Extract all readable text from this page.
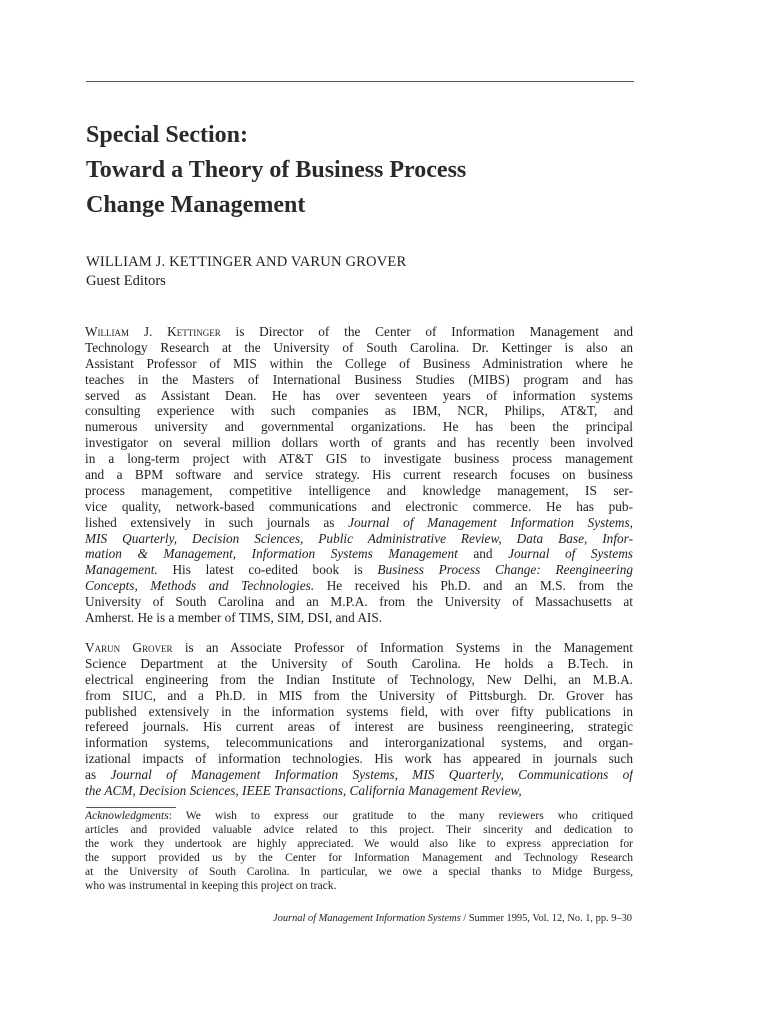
Special Section:
Toward a Theory of Business Process
Change Management
WILLIAM J. KETTINGER AND VARUN GROVER
Guest Editors
William J. Kettinger is Director of the Center of Information Management and
Technology Research at the University of South Carolina. Dr. Kettinger is also an
Assistant Professor of MIS within the College of Business Administration where he
teaches in the Masters of International Business Studies (MIBS) program and has
served as Assistant Dean. He has over seventeen years of information systems
consulting experience with such companies as IBM, NCR, Philips, AT&T, and
numerous university and governmental organizations. He has been the principal
investigator on several million dollars worth of grants and has recently been involved
in a long-term project with AT&T GIS to investigate business process management
and a BPM software and service strategy. His current research focuses on business
process management, competitive intelligence and knowledge management, IS ser-
vice quality, network-based communications and electronic commerce. He has pub-
lished extensively in such journals as Journal of Management Information Systems,
MIS Quarterly, Decision Sciences, Public Administrative Review, Data Base, Infor-
mation & Management, Information Systems Management and Journal of Systems
Management. His latest co-edited book is Business Process Change: Reengineering
Concepts, Methods and Technologies. He received his Ph.D. and an M.S. from the
University of South Carolina and an M.P.A. from the University of Massachusetts at
Amherst. He is a member of TIMS, SIM, DSI, and AIS.
Varun Grover is an Associate Professor of Information Systems in the Management
Science Department at the University of South Carolina. He holds a B.Tech. in
electrical engineering from the Indian Institute of Technology, New Delhi, an M.B.A.
from SIUC, and a Ph.D. in MIS from the University of Pittsburgh. Dr. Grover has
published extensively in the information systems field, with over fifty publications in
refereed journals. His current areas of interest are business reengineering, strategic
information systems, telecommunications and interorganizational systems, and organ-
izational impacts of information technologies. His work has appeared in journals such
as Journal of Management Information Systems, MIS Quarterly, Communications of
the ACM, Decision Sciences, IEEE Transactions, California Management Review,
Acknowledgments: We wish to express our gratitude to the many reviewers who critiqued
articles and provided valuable advice related to this project. Their sincerity and dedication to
the work they undertook are highly appreciated. We would also like to express appreciation for
the support provided us by the Center for Information Management and Technology Research
at the University of South Carolina. In particular, we owe a special thanks to Midge Burgess,
who was instrumental in keeping this project on track.
Journal of Management Information Systems / Summer 1995, Vol. 12, No. 1, pp. 9–30
